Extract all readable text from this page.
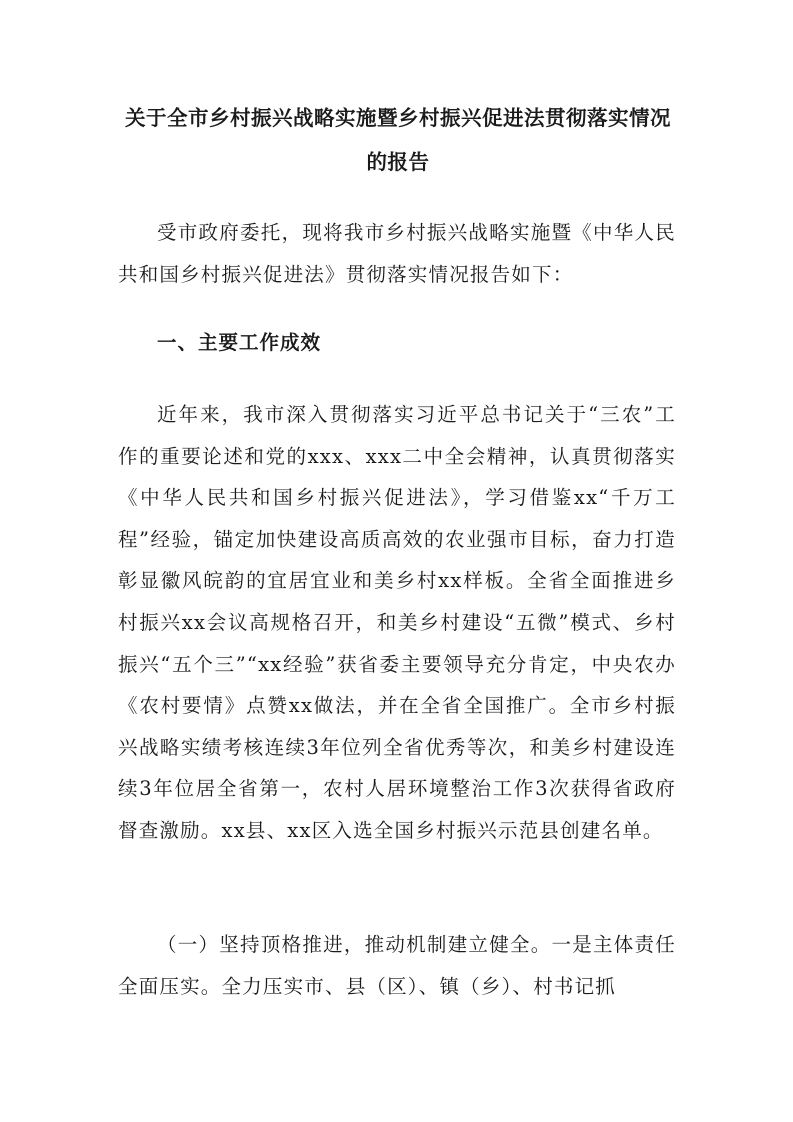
关于全市乡村振兴战略实施暨乡村振兴促进法贯彻落实情况的报告
受市政府委托，现将我市乡村振兴战略实施暨《中华人民共和国乡村振兴促进法》贯彻落实情况报告如下：
一、主要工作成效
近年来，我市深入贯彻落实习近平总书记关于“三农”工作的重要论述和党的xxx、xxx二中全会精神，认真贯彻落实《中华人民共和国乡村振兴促进法》，学习借鉴xx“千万工程”经验，锚定加快建设高质高效的农业强市目标，奋力打造彰显徽风皖韵的宜居宜业和美乡村xx样板。全省全面推进乡村振兴xx会议高规格召开，和美乡村建设“五微”模式、乡村振兴“五个三”“xx经验”获省委主要领导充分肯定，中央农办《农村要情》点赞xx做法，并在全省全国推广。全市乡村振兴战略实绩考核连续3年位列全省优秀等次，和美乡村建设连续3年位居全省第一，农村人居环境整治工作3次获得省政府督查激励。xx县、xx区入选全国乡村振兴示范县创建名单。
（一）坚持顶格推进，推动机制建立健全。一是主体责任全面压实。全力压实市、县（区）、镇（乡）、村书记抓
